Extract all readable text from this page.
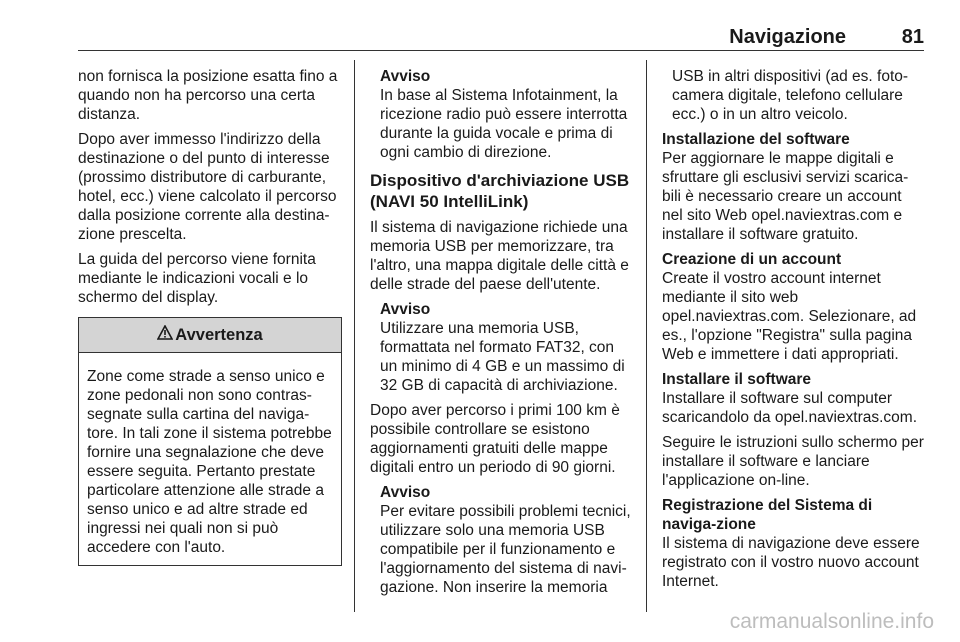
Navigazione	81

non fornisca la posizione esatta fino a quando non ha percorso una certa distanza.

Dopo aver immesso l'indirizzo della destinazione o del punto di interesse (prossimo distributore di carburante, hotel, ecc.) viene calcolato il percorso dalla posizione corrente alla destina-zione prescelta.

La guida del percorso viene fornita mediante le indicazioni vocali e lo schermo del display.

Avvertenza
Zone come strade a senso unico e zone pedonali non sono contras-segnate sulla cartina del naviga-tore. In tali zone il sistema potrebbe fornire una segnalazione che deve essere seguita. Pertanto prestate particolare attenzione alle strade a senso unico e ad altre strade ed ingressi nei quali non si può accedere con l'auto.

Avviso

In base al Sistema Infotainment, la ricezione radio può essere interrotta durante la guida vocale e prima di ogni cambio di direzione.
Dispositivo d'archiviazione USB (NAVI 50 IntelliLink)

Il sistema di navigazione richiede una memoria USB per memorizzare, tra l'altro, una mappa digitale delle città e delle strade del paese dell'utente.

Avviso

Utilizzare una memoria USB, formattata nel formato FAT32, con un minimo di 4 GB e un massimo di 32 GB di capacità di archiviazione.

Dopo aver percorso i primi 100 km è possibile controllare se esistono aggiornamenti gratuiti delle mappe digitali entro un periodo di 90 giorni.

Avviso

Per evitare possibili problemi tecnici, utilizzare solo una memoria USB compatibile per il funzionamento e l'aggiornamento del sistema di navi-gazione. Non inserire la memoria

USB in altri dispositivi (ad es. foto-camera digitale, telefono cellulare ecc.) o in un altro veicolo.

Installazione del software

Per aggiornare le mappe digitali e sfruttare gli esclusivi servizi scarica-bili è necessario creare un account nel sito Web opel.naviextras.com e installare il software gratuito.

Creazione di un account

Create il vostro account internet mediante il sito web opel.naviextras.com. Selezionare, ad es., l'opzione "Registra" sulla pagina Web e immettere i dati appropriati.

Installare il software

Installare il software sul computer scaricandolo da opel.naviextras.com.

Seguire le istruzioni sullo schermo per installare il software e lanciare l'applicazione on-line.

Registrazione del Sistema di naviga-zione

Il sistema di navigazione deve essere registrato con il vostro nuovo account Internet.

carmanualsonline.info
